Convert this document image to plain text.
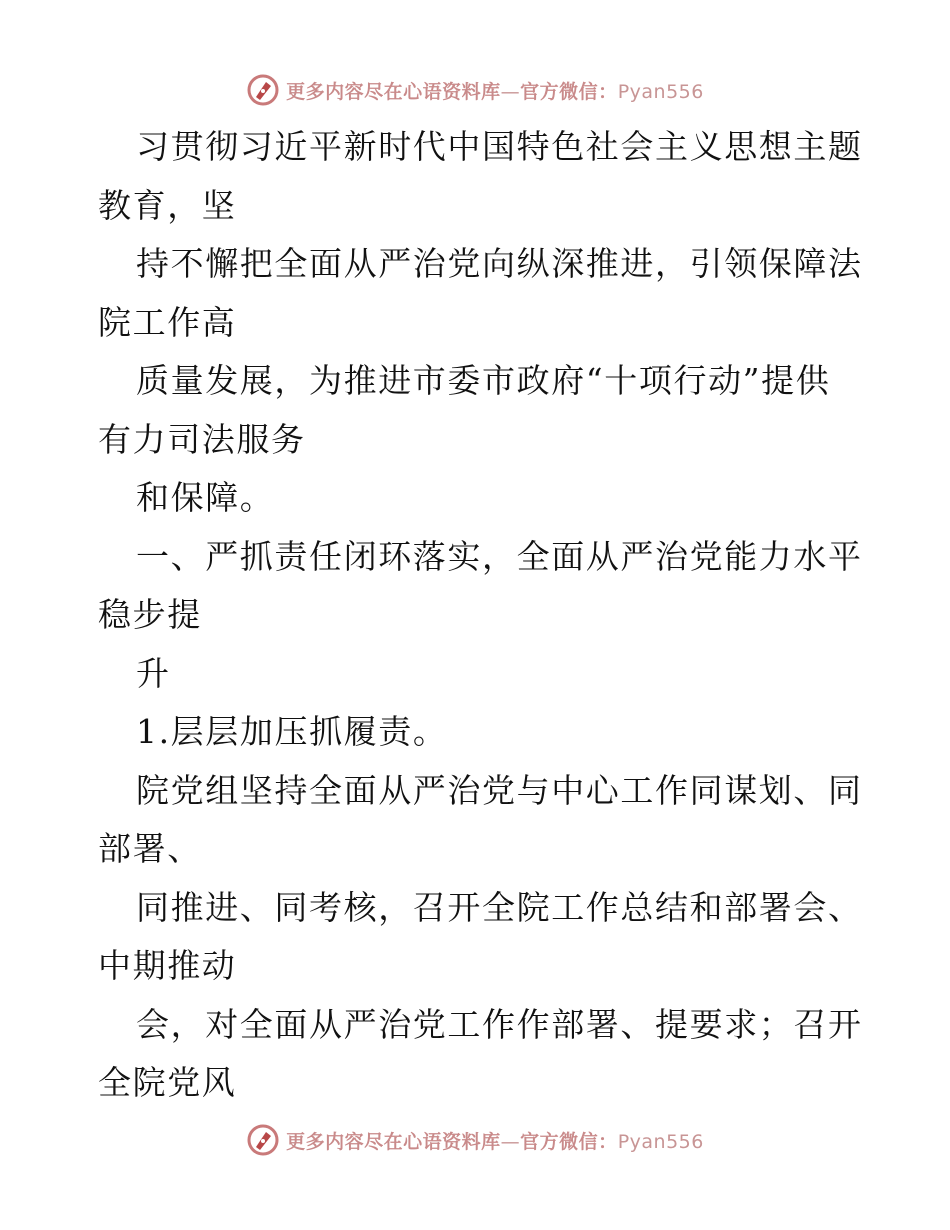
更多内容尽在心语资料库—官方微信：Pyan556
习贯彻习近平新时代中国特色社会主义思想主题
教育，坚
持不懈把全面从严治党向纵深推进，引领保障法
院工作高
质量发展，为推进市委市政府“十项行动”提供
有力司法服务
和保障。
一、严抓责任闭环落实，全面从严治党能力水平
稳步提
升
1.层层加压抓履责。
院党组坚持全面从严治党与中心工作同谋划、同
部署、
同推进、同考核，召开全院工作总结和部署会、
中期推动
会，对全面从严治党工作作部署、提要求；召开
全院党风
更多内容尽在心语资料库—官方微信：Pyan556
